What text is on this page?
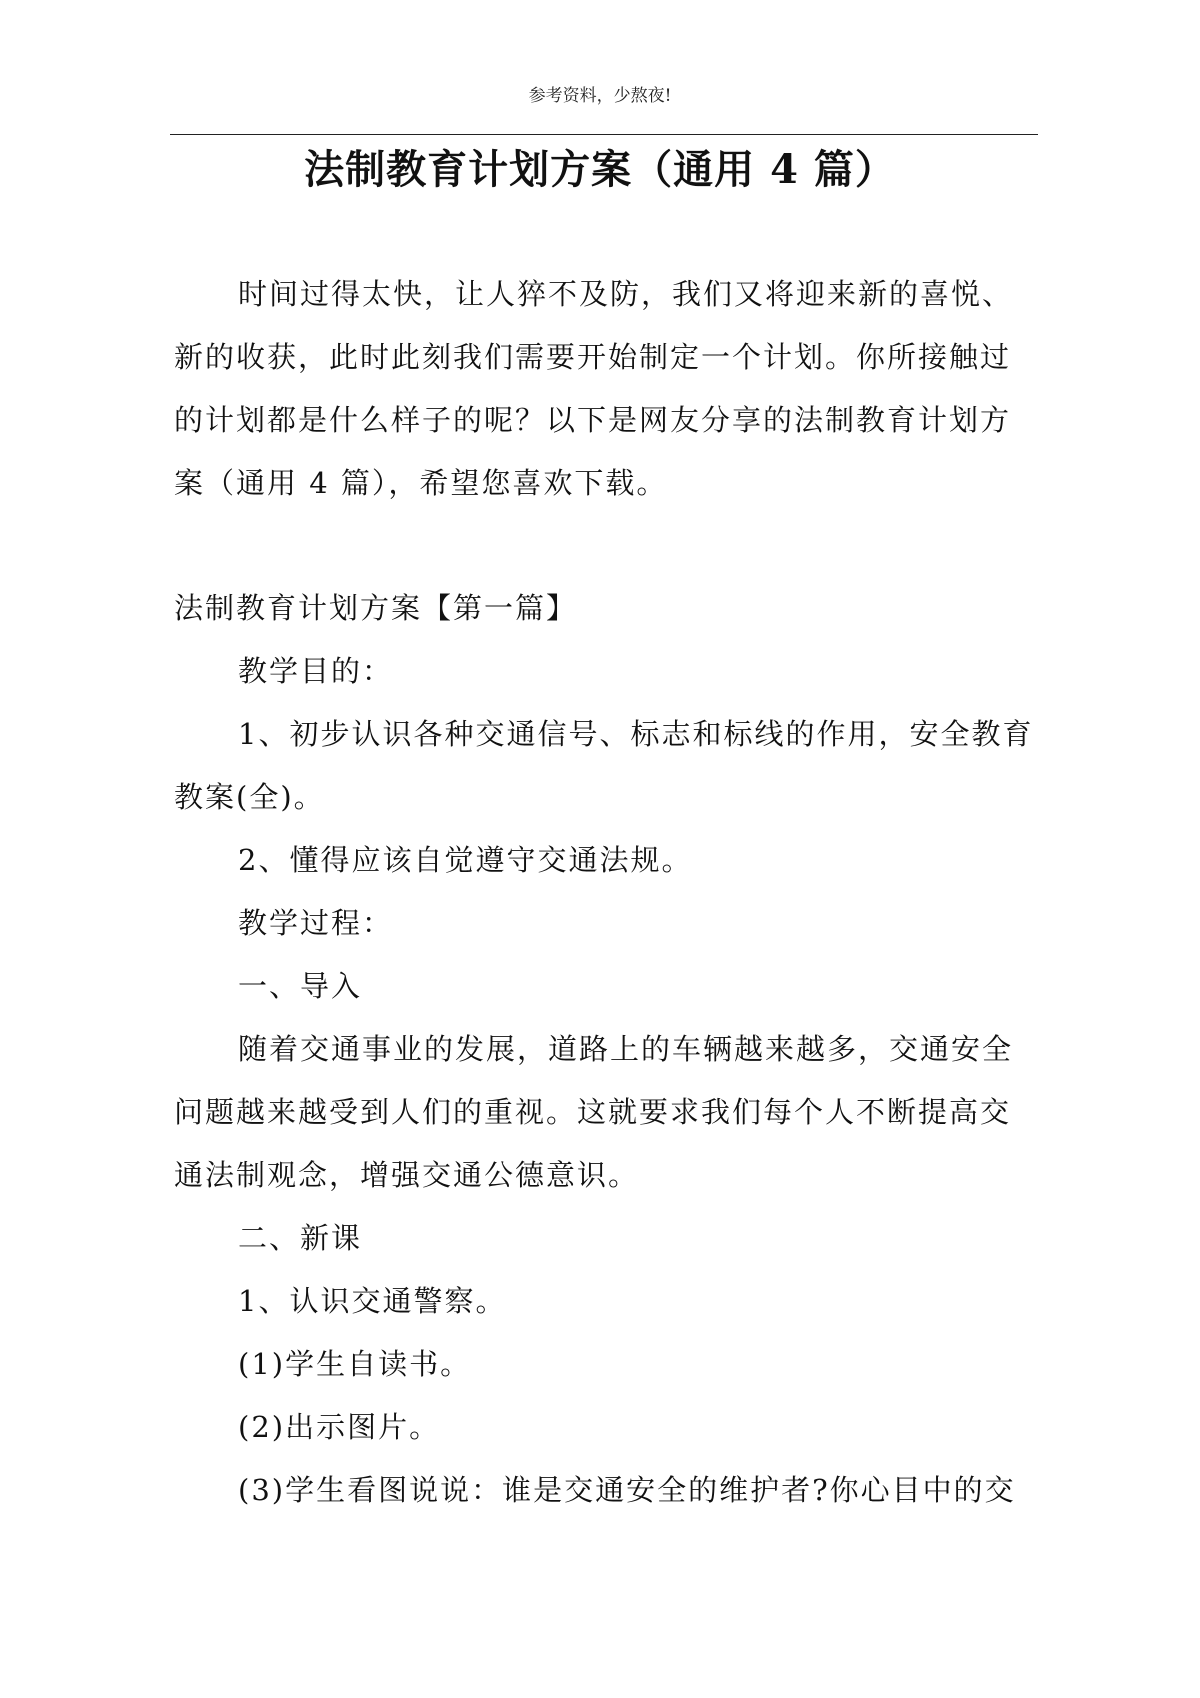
参考资料，少熬夜!
法制教育计划方案（通用 4 篇）
时间过得太快，让人猝不及防，我们又将迎来新的喜悦、新的收获，此时此刻我们需要开始制定一个计划。你所接触过的计划都是什么样子的呢？以下是网友分享的法制教育计划方案（通用 4 篇），希望您喜欢下载。

法制教育计划方案【第一篇】

教学目的：

1、初步认识各种交通信号、标志和标线的作用，安全教育教案(全)。

2、懂得应该自觉遵守交通法规。

教学过程：

一、导入

随着交通事业的发展，道路上的车辆越来越多，交通安全问题越来越受到人们的重视。这就要求我们每个人不断提高交通法制观念，增强交通公德意识。

二、新课

1、认识交通警察。

(1)学生自读书。

(2)出示图片。

(3)学生看图说说：谁是交通安全的维护者?你心目中的交
